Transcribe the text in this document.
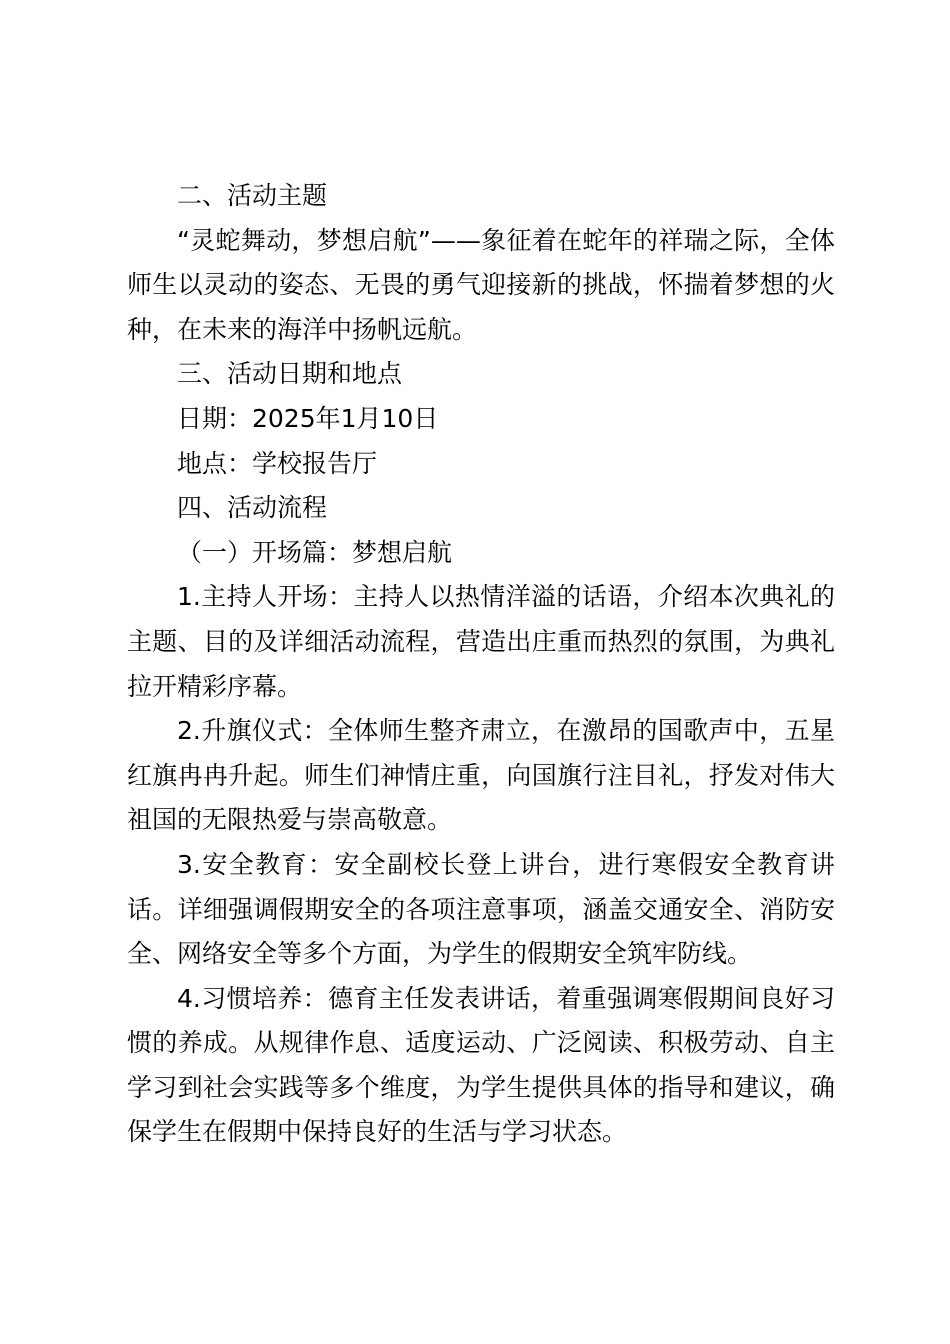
二、活动主题

“灵蛇舞动，梦想启航”——象征着在蛇年的祥瑞之际，全体师生以灵动的姿态、无畏的勇气迎接新的挑战，怀揣着梦想的火种，在未来的海洋中扬帆远航。

三、活动日期和地点

日期：2025年1月10日

地点：学校报告厅

四、活动流程

（一）开场篇：梦想启航

1.主持人开场：主持人以热情洋溢的话语，介绍本次典礼的主题、目的及详细活动流程，营造出庄重而热烈的氛围，为典礼拉开精彩序幕。

2.升旗仪式：全体师生整齐肃立，在激昂的国歌声中，五星红旗冉冉升起。师生们神情庄重，向国旗行注目礼，抒发对伟大祖国的无限热爱与崇高敬意。

3.安全教育：安全副校长登上讲台，进行寒假安全教育讲话。详细强调假期安全的各项注意事项，涵盖交通安全、消防安全、网络安全等多个方面，为学生的假期安全筑牢防线。

4.习惯培养：德育主任发表讲话，着重强调寒假期间良好习惯的养成。从规律作息、适度运动、广泛阅读、积极劳动、自主学习到社会实践等多个维度，为学生提供具体的指导和建议，确保学生在假期中保持良好的生活与学习状态。
